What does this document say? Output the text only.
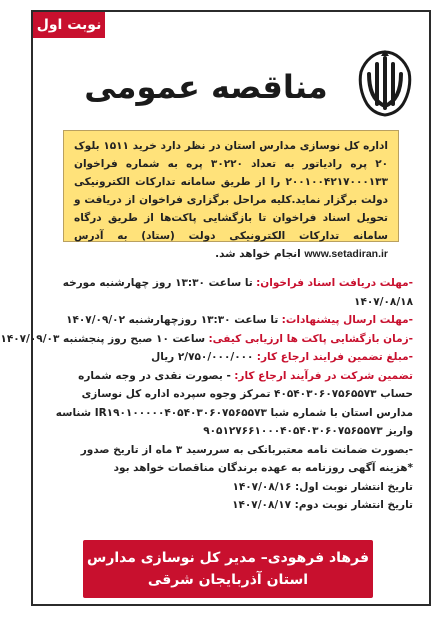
نوبت اول
مناقصه عمومی
اداره کل نوسازی مدارس استان در نظر دارد خرید ۱۵۱۱ بلوک ۲۰ پره رادیاتور به تعداد ۳۰۲۲۰ پره به شماره فراخوان ۲۰۰۱۰۰۴۲۱۷۰۰۰۱۳۳ را از طریق سامانه تدارکات الکترونیکی دولت برگزار نماید.کلیه مراحل برگزاری فراخوان از دریافت و تحویل اسناد فراخوان تا بازگشایی پاکت‌ها از طریق درگاه سامانه تدارکات الکترونیکی دولت (ستاد) به آدرس www.setadiran.ir انجام خواهد شد.

-مهلت دریافت اسناد فراخوان: تا ساعت ۱۳:۳۰ روز چهارشنبه مورخه ۱۴۰۷/۰۸/۱۸

-مهلت ارسال پیشنهادات: تا ساعت ۱۳:۳۰ روزچهارشنبه ۱۴۰۷/۰۹/۰۲

-زمان بازگشایی پاکت ها ارزیابی کیفی: ساعت ۱۰ صبح روز پنجشنبه ۱۴۰۷/۰۹/۰۳

-مبلغ تضمین فرایند ارجاع کار: ۲/۷۵۰/۰۰۰/۰۰۰ ریال

تضمین شرکت در فرآیند ارجاع کار: - بصورت نقدی در وجه شماره حساب ۴۰۵۴۰۳۰۶۰۷۵۶۵۵۷۳ تمرکز وجوه سپرده اداره کل نوسازی مدارس استان با شماره شبا IR۱۹۰۱۰۰۰۰۰۴۰۵۴۰۳۰۶۰۷۵۶۵۵۷۳ شناسه واریز ۹۰۵۱۲۷۶۶۱۰۰۰۴۰۵۴۰۳۰۶۰۷۵۶۵۵۷۳

-بصورت ضمانت نامه معتبربانکی به سررسید ۳ ماه از تاریخ صدور *هزینه آگهی روزنامه به عهده برندگان مناقصات خواهد بود

تاریخ انتشار نوبت اول: ۱۴۰۷/۰۸/۱۶

تاریخ انتشار نوبت دوم: ۱۴۰۷/۰۸/۱۷

فرهاد فرهودی– مدیر کل نوسازی مدارس
استان آذربایجان شرقی
